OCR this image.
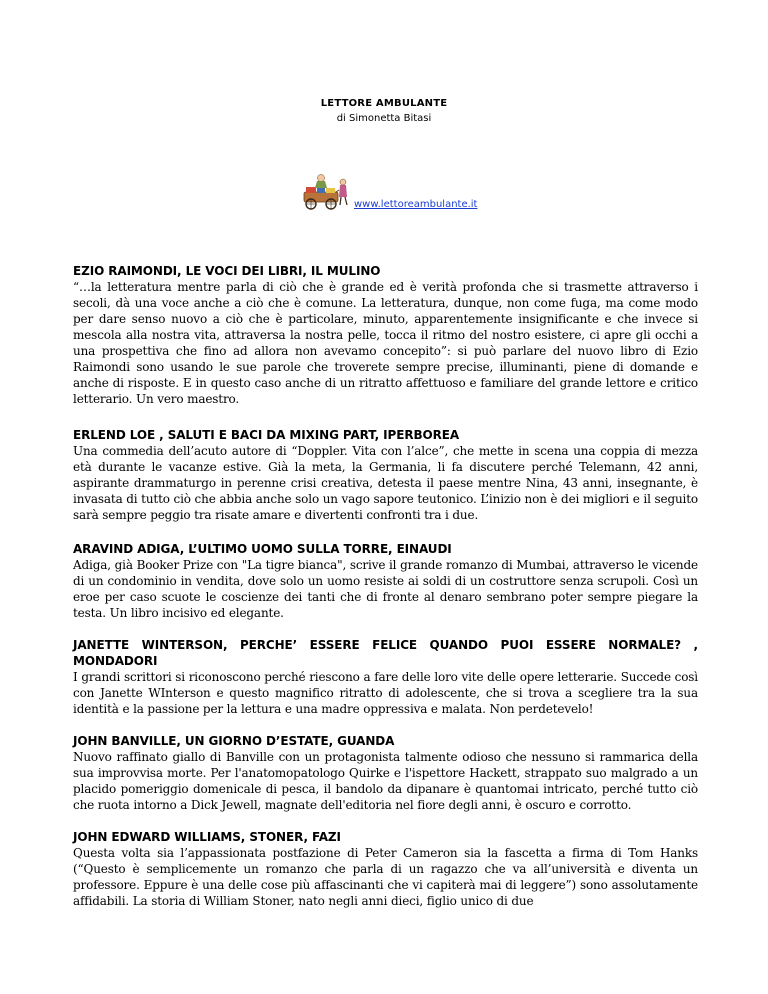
LETTORE AMBULANTE
di Simonetta Bitasi
www.lettoreambulante.it
EZIO RAIMONDI, LE VOCI DEI LIBRI, IL MULINO
“…la letteratura mentre parla di ciò che è grande ed è verità profonda che si trasmette attraverso i secoli, dà una voce anche a ciò che è comune. La letteratura, dunque, non come fuga, ma come modo per dare senso nuovo a ciò che è particolare, minuto, apparentemente insignificante e che invece si mescola alla nostra vita, attraversa la nostra pelle, tocca il ritmo del nostro esistere, ci apre gli occhi a una prospettiva che fino ad allora non avevamo concepito”: si può parlare del nuovo libro di Ezio Raimondi sono usando le sue parole che troverete sempre precise, illuminanti, piene di domande e anche di risposte. E in questo caso anche di un ritratto affettuoso e familiare del grande lettore e critico letterario. Un vero maestro.
ERLEND LOE , SALUTI E BACI DA MIXING PART, IPERBOREA
Una commedia dell’acuto autore di “Doppler. Vita con l’alce”, che mette in scena una coppia di mezza età durante le vacanze estive. Già la meta, la Germania, li fa discutere perché Telemann, 42 anni, aspirante drammaturgo in perenne crisi creativa, detesta il paese mentre Nina, 43 anni, insegnante, è invasata di tutto ciò che abbia anche solo un vago sapore teutonico. L’inizio non è dei migliori e il seguito sarà sempre peggio tra risate amare e divertenti confronti tra i due.
ARAVIND ADIGA, L’ULTIMO UOMO SULLA TORRE, EINAUDI
Adiga, già Booker Prize con "La tigre bianca", scrive il grande romanzo di Mumbai, attraverso le vicende di un condominio in vendita, dove solo un uomo resiste ai soldi di un costruttore senza scrupoli. Così un eroe per caso scuote le coscienze dei tanti che di fronte al denaro sembrano poter sempre piegare la testa. Un libro incisivo ed elegante.
JANETTE WINTERSON, PERCHE’ ESSERE FELICE QUANDO PUOI ESSERE NORMALE? , MONDADORI
I grandi scrittori si riconoscono perché riescono a fare delle loro vite delle opere letterarie. Succede così con Janette WInterson e questo magnifico ritratto di adolescente, che si trova a scegliere tra la sua identità e la passione per la lettura e una madre oppressiva e malata. Non perdetevelo!
JOHN BANVILLE, UN GIORNO D’ESTATE, GUANDA
Nuovo raffinato giallo di Banville con un protagonista talmente odioso che nessuno si rammarica della sua improvvisa morte. Per l'anatomopatologo Quirke e l'ispettore Hackett, strappato suo malgrado a un placido pomeriggio domenicale di pesca, il bandolo da dipanare è quantomai intricato, perché tutto ciò che ruota intorno a Dick Jewell, magnate dell'editoria nel fiore degli anni, è oscuro e corrotto.
JOHN EDWARD WILLIAMS, STONER, FAZI
Questa volta sia l’appassionata postfazione di Peter Cameron sia la fascetta a firma di Tom Hanks (“Questo è semplicemente un romanzo che parla di un ragazzo che va all’università e diventa un professore. Eppure è una delle cose più affascinanti che vi capiterà mai di leggere”) sono assolutamente affidabili. La storia di William Stoner, nato negli anni dieci, figlio unico di due
